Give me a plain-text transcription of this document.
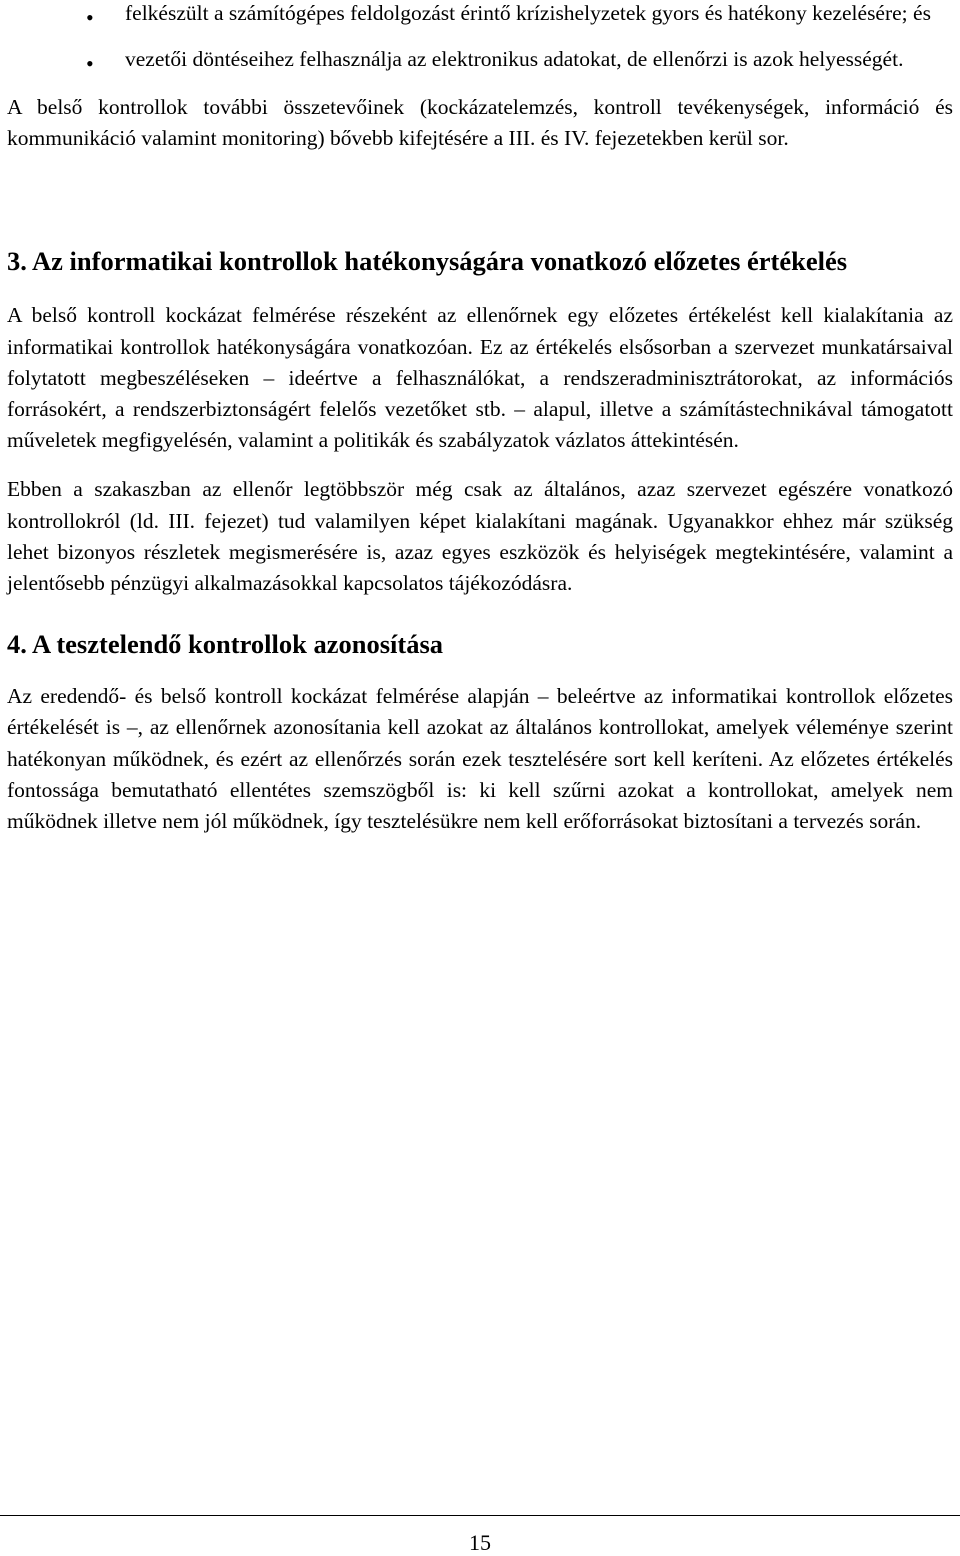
• felkészült a számítógépes feldolgozást érintő krízishelyzetek gyors és hatékony kezelésére; és
• vezetői döntéseihez felhasználja az elektronikus adatokat, de ellenőrzi is azok helyességét.

A belső kontrollok további összetevőinek (kockázatelemzés, kontroll tevékenységek, információ és kommunikáció valamint monitoring) bővebb kifejtésére a III. és IV. fejezetekben kerül sor.

3. Az informatikai kontrollok hatékonyságára vonatkozó előzetes értékelés

A belső kontroll kockázat felmérése részeként az ellenőrnek egy előzetes értékelést kell kialakítania az informatikai kontrollok hatékonyságára vonatkozóan. Ez az értékelés elsősorban a szervezet munkatársaival folytatott megbeszéléseken – ideértve a felhasználókat, a rendszeradminisztrátorokat, az információs forrásokért, a rendszerbiztonságért felelős vezetőket stb. – alapul, illetve a számítástechnikával támogatott műveletek megfigyelésén, valamint a politikák és szabályzatok vázlatos áttekintésén.

Ebben a szakaszban az ellenőr legtöbbször még csak az általános, azaz szervezet egészére vonatkozó kontrollokról (ld. III. fejezet) tud valamilyen képet kialakítani magának. Ugyanakkor ehhez már szükség lehet bizonyos részletek megismerésére is, azaz egyes eszközök és helyiségek megtekintésére, valamint a jelentősebb pénzügyi alkalmazásokkal kapcsolatos tájékozódásra.

4. A tesztelendő kontrollok azonosítása

Az eredendő- és belső kontroll kockázat felmérése alapján – beleértve az informatikai kontrollok előzetes értékelését is –, az ellenőrnek azonosítania kell azokat az általános kontrollokat, amelyek véleménye szerint hatékonyan működnek, és ezért az ellenőrzés során ezek tesztelésére sort kell keríteni. Az előzetes értékelés fontossága bemutatható ellentétes szemszögből is: ki kell szűrni azokat a kontrollokat, amelyek nem működnek illetve nem jól működnek, így tesztelésükre nem kell erőforrásokat biztosítani a tervezés során.

15
